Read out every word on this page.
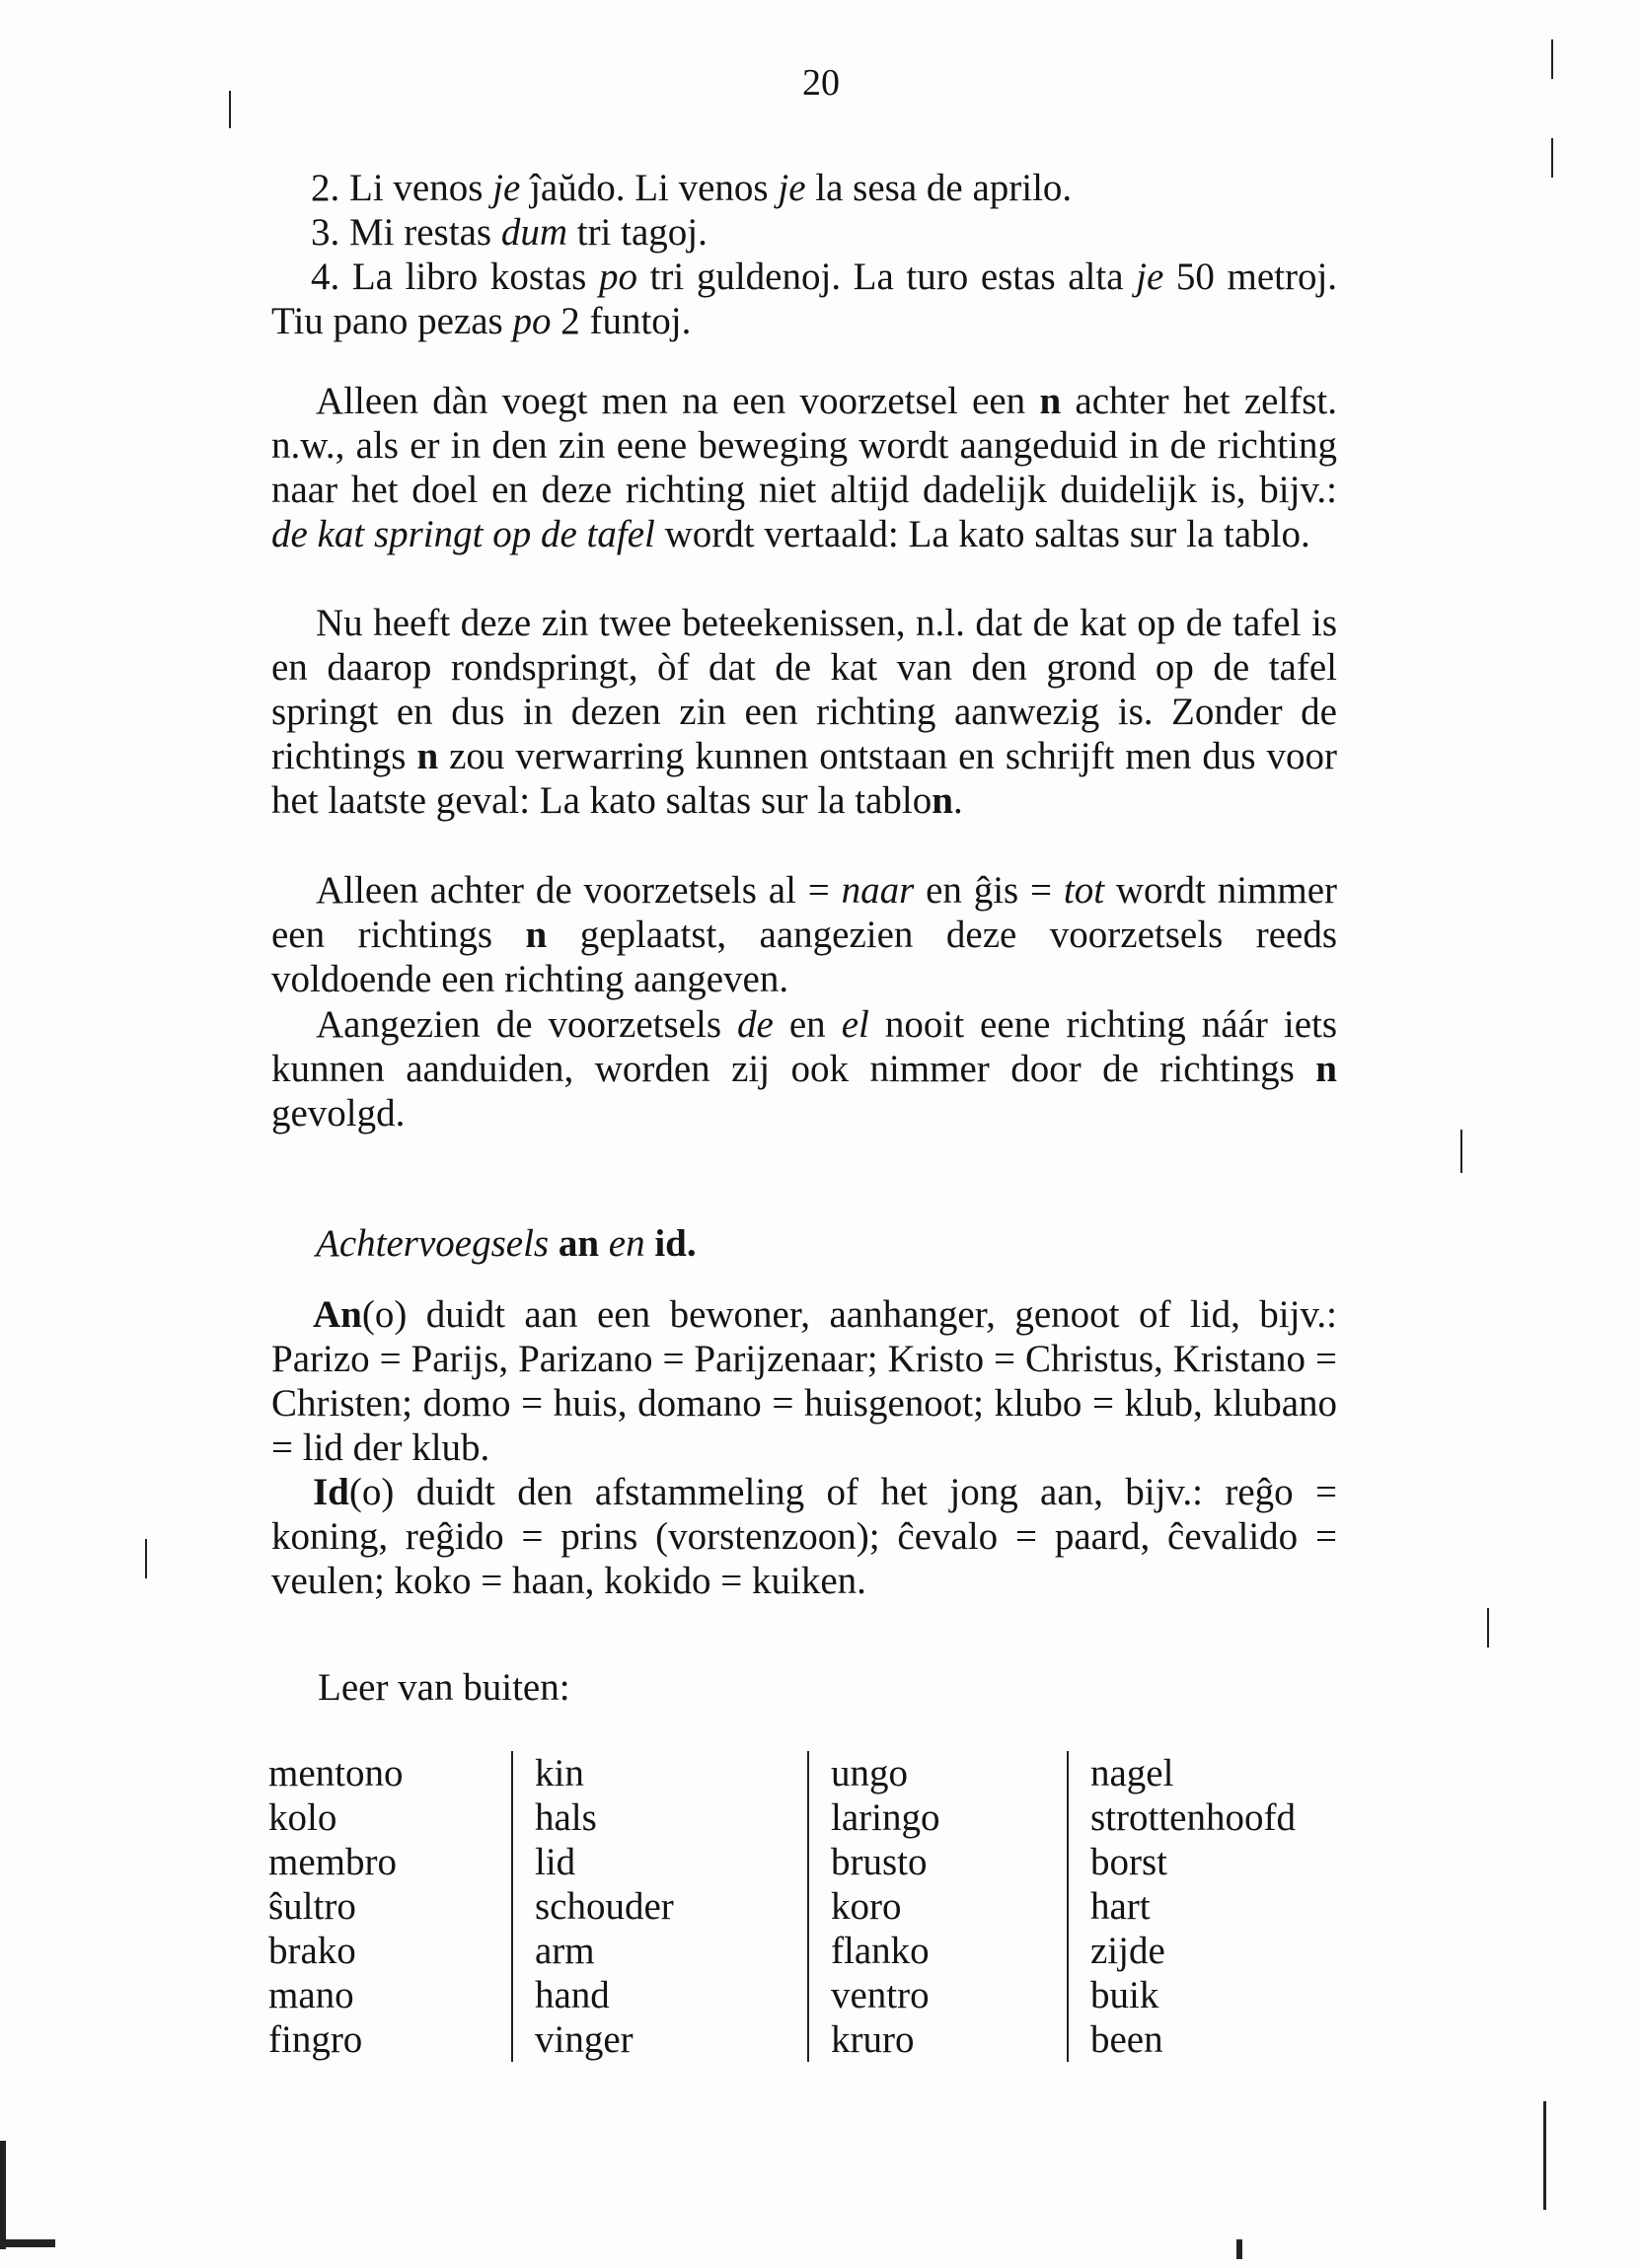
20

2. Li venos je ĵaŭdo. Li venos je la sesa de aprilo.

3. Mi restas dum tri tagoj.

4. La libro kostas po tri guldenoj. La turo estas alta je 50 metroj. Tiu pano pezas po 2 funtoj.

Alleen dàn voegt men na een voorzetsel een n achter het zelfst. n.w., als er in den zin eene beweging wordt aangeduid in de richting naar het doel en deze richting niet altijd dadelijk duidelijk is, bijv.: de kat springt op de tafel wordt vertaald: La kato saltas sur la tablo.

Nu heeft deze zin twee beteekenissen, n.l. dat de kat op de tafel is en daarop rondspringt, òf dat de kat van den grond op de tafel springt en dus in dezen zin een richting aanwezig is. Zonder de richtings n zou verwarring kunnen ontstaan en schrijft men dus voor het laatste geval: La kato saltas sur la tablon.

Alleen achter de voorzetsels al = naar en ĝis = tot wordt nimmer een richtings n geplaatst, aangezien deze voorzetsels reeds voldoende een richting aangeven.

Aangezien de voorzetsels de en el nooit eene richting náár iets kunnen aanduiden, worden zij ook nimmer door de richtings n gevolgd.

Achtervoegsels an en id.

An(o) duidt aan een bewoner, aanhanger, genoot of lid, bijv.: Parizo = Parijs, Parizano = Parijzenaar; Kristo = Christus, Kristano = Christen; domo = huis, domano = huisgenoot; klubo = klub, klubano = lid der klub.

Id(o) duidt den afstammeling of het jong aan, bijv.: reĝo = koning, reĝido = prins (vorstenzoon); ĉevalo = paard, ĉevalido = veulen; koko = haan, kokido = kuiken.

Leer van buiten:
mentono	kin	ungo	nagel
kolo	hals	laringo	strottenhoofd
membro	lid	brusto	borst
ŝultro	schouder	koro	hart
brako	arm	flanko	zijde
mano	hand	ventro	buik
fingro	vinger	kruro	been
